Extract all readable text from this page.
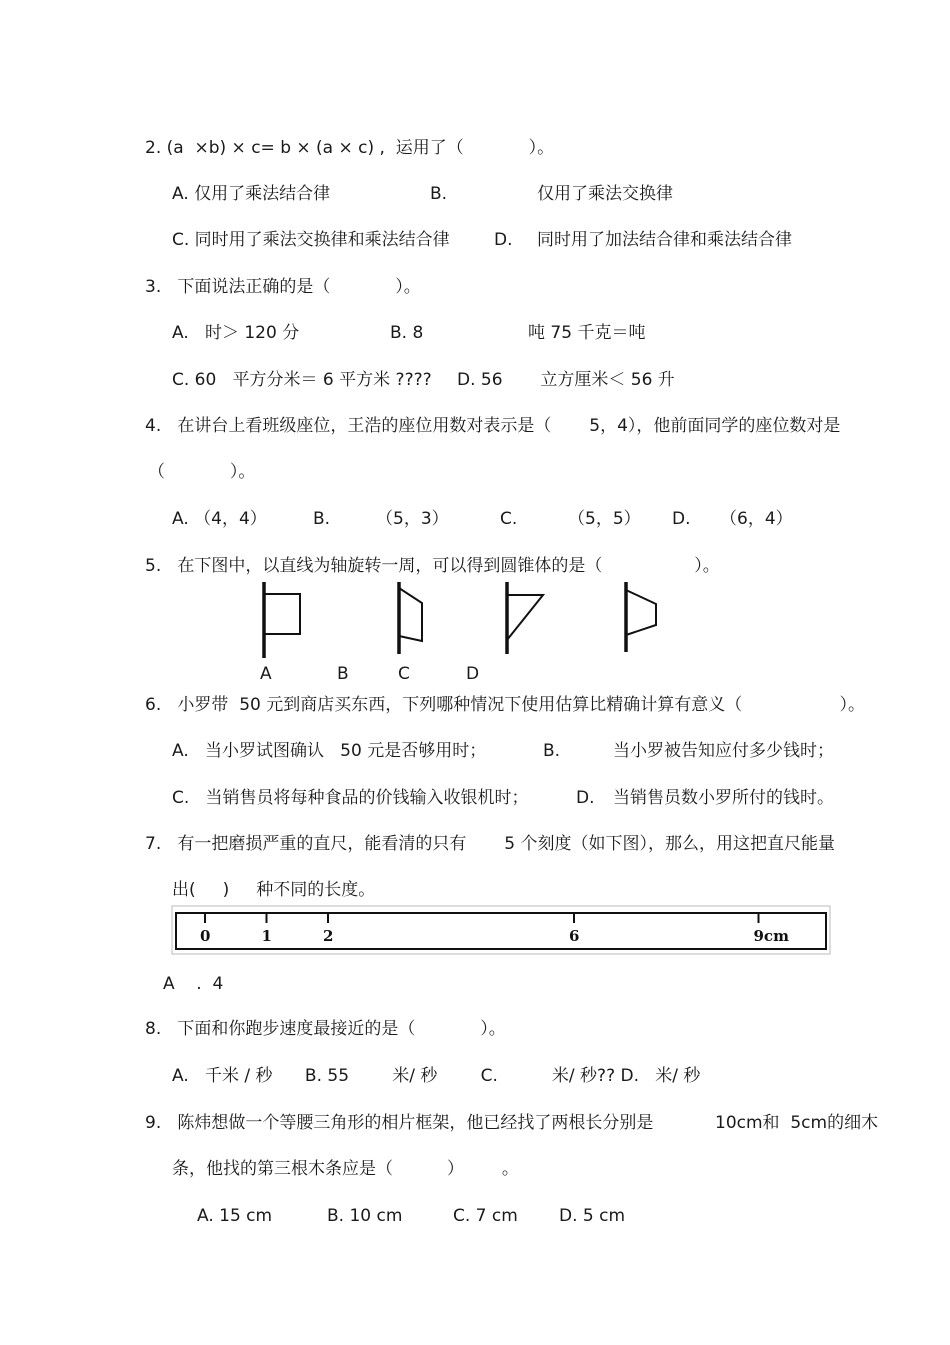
2. (a  ×b) × c= b × (a × c) ,  运用了（            ）。
A. 仅用了乘法结合律	B.	仅用了乘法交换律
C. 同时用了乘法交换律和乘法结合律	D. 同时用了加法结合律和乘法结合律
3.   下面说法正确的是（            ）。
A.   时＞ 120 分	B. 8	吨 75 千克＝吨
C. 60   平方分米＝ 6 平方米 ???? D. 56       立方厘米＜ 56 升
4.   在讲台上看班级座位，王浩的座位用数对表示是（       5，4），他前面同学的座位数对是
（            ）。
A. （4，4）	B.	（5，3）	C.	（5，5） D. （6，4）
5.   在下图中，以直线为轴旋转一周，可以得到圆锥体的是（                 ）。
A	B	C	D
6.   小罗带  50 元到商店买东西，下列哪种情况下使用估算比精确计算有意义（                  ）。
A.   当小罗试图确认   50 元是否够用时；	B.	当小罗被告知应付多少钱时；
C.   当销售员将每种食品的价钱输入收银机时；	D. 当销售员数小罗所付的钱时。
7.   有一把磨损严重的直尺，能看清的只有       5 个刻度（如下图），那么，用这把直尺能量
出(     )     种不同的长度。
0	1	2	6	9cm
A    .  4
8.   下面和你跑步速度最接近的是（            ）。
A.   千米 / 秒      B. 55        米/ 秒        C.          米/ 秒?? D.   米/ 秒
9.   陈炜想做一个等腰三角形的相片框架，他已经找了两根长分别是	10cm和  5cm的细木
条，他找的第三根木条应是（          ）       。
A. 15 cm	B. 10 cm	C. 7 cm D. 5 cm
